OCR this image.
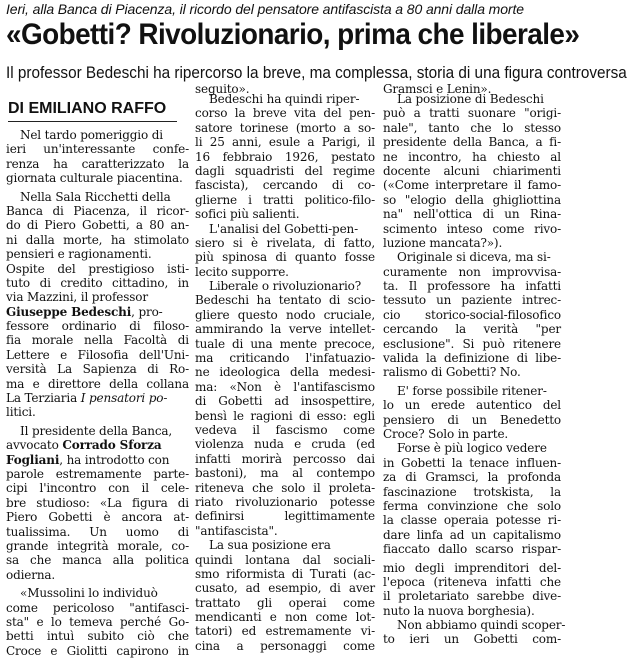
Ieri, alla Banca di Piacenza, il ricordo del pensatore antifascista a 80 anni dalla morte
«Gobetti? Rivoluzionario, prima che liberale»
Il professor Bedeschi ha ripercorso la breve, ma complessa, storia di una figura controversa
DI EMILIANO RAFFO
Nel tardo pomeriggio di
ieri un'interessante confe-
renza ha caratterizzato la
giornata culturale piacentina.
Nella Sala Ricchetti della
Banca di Piacenza, il ricor-
do di Piero Gobetti, a 80 an-
ni dalla morte, ha stimolato
pensieri e ragionamenti.
Ospite del prestigioso isti-
tuto di credito cittadino, in
via Mazzini, il professor
Giuseppe Bedeschi, pro-
fessore ordinario di filoso-
fia morale nella Facoltà di
Lettere e Filosofia dell'Uni-
versità La Sapienza di Ro-
ma e direttore della collana
La Terziaria I pensatori po-
litici.
Il presidente della Banca,
avvocato Corrado Sforza
Fogliani, ha introdotto con
parole estremamente parte-
cipi l'incontro con il cele-
bre studioso: «La figura di
Piero Gobetti è ancora at-
tualissima. Un uomo di
grande integrità morale, co-
sa che manca alla politica
odierna.
«Mussolini lo individuò
come pericoloso "antifasci-
sta" e lo temeva perché Go-
betti intuì subito ciò che
Croce e Giolitti capirono in
seguito».
Bedeschi ha quindi riper-
corso la breve vita del pen-
satore torinese (morto a so-
li 25 anni, esule a Parigi, il
16 febbraio 1926, pestato
dagli squadristi del regime
fascista), cercando di co-
glierne i tratti politico-filo-
sofici più salienti.
L'analisi del Gobetti-pen-
siero si è rivelata, di fatto,
più spinosa di quanto fosse
lecito supporre.
Liberale o rivoluzionario?
Bedeschi ha tentato di scio-
gliere questo nodo cruciale,
ammirando la verve intellet-
tuale di una mente precoce,
ma criticando l'infatuazio-
ne ideologica della medesi-
ma: «Non è l'antifascismo
di Gobetti ad insospettire,
bensì le ragioni di esso: egli
vedeva il fascismo come
violenza nuda e cruda (ed
infatti morirà percosso dai
bastoni), ma al contempo
riteneva che solo il proleta-
riato rivoluzionario potesse
definirsi legittimamente
"antifascista".
La sua posizione era
quindi lontana dal sociali-
smo riformista di Turati (ac-
cusato, ad esempio, di aver
trattato gli operai come
mendicanti e non come lot-
tatori) ed estremamente vi-
cina a personaggi come
Gramsci e Lenin».
La posizione di Bedeschi
può a tratti suonare "origi-
nale", tanto che lo stesso
presidente della Banca, a fi-
ne incontro, ha chiesto al
docente alcuni chiarimenti
(«Come interpretare il famo-
so "elogio della ghigliottina
na" nell'ottica di un Rina-
scimento inteso come rivo-
luzione mancata?»).
Originale si diceva, ma si-
curamente non improvvisa-
ta. Il professore ha infatti
tessuto un paziente intrec-
cio storico-social-filosofico
cercando la verità "per
esclusione". Si può ritenere
valida la definizione di libe-
ralismo di Gobetti? No.
E' forse possibile ritener-
lo un erede autentico del
pensiero di un Benedetto
Croce? Solo in parte.
Forse è più logico vedere
in Gobetti la tenace influen-
za di Gramsci, la profonda
fascinazione trotskista, la
ferma convinzione che solo
la classe operaia potesse ri-
dare linfa ad un capitalismo
fiaccato dallo scarso rispar-
mio degli imprenditori del-
l'epoca (riteneva infatti che
il proletariato sarebbe dive-
nuto la nuova borghesia).
Non abbiamo quindi scoper-
to ieri un Gobetti com-
